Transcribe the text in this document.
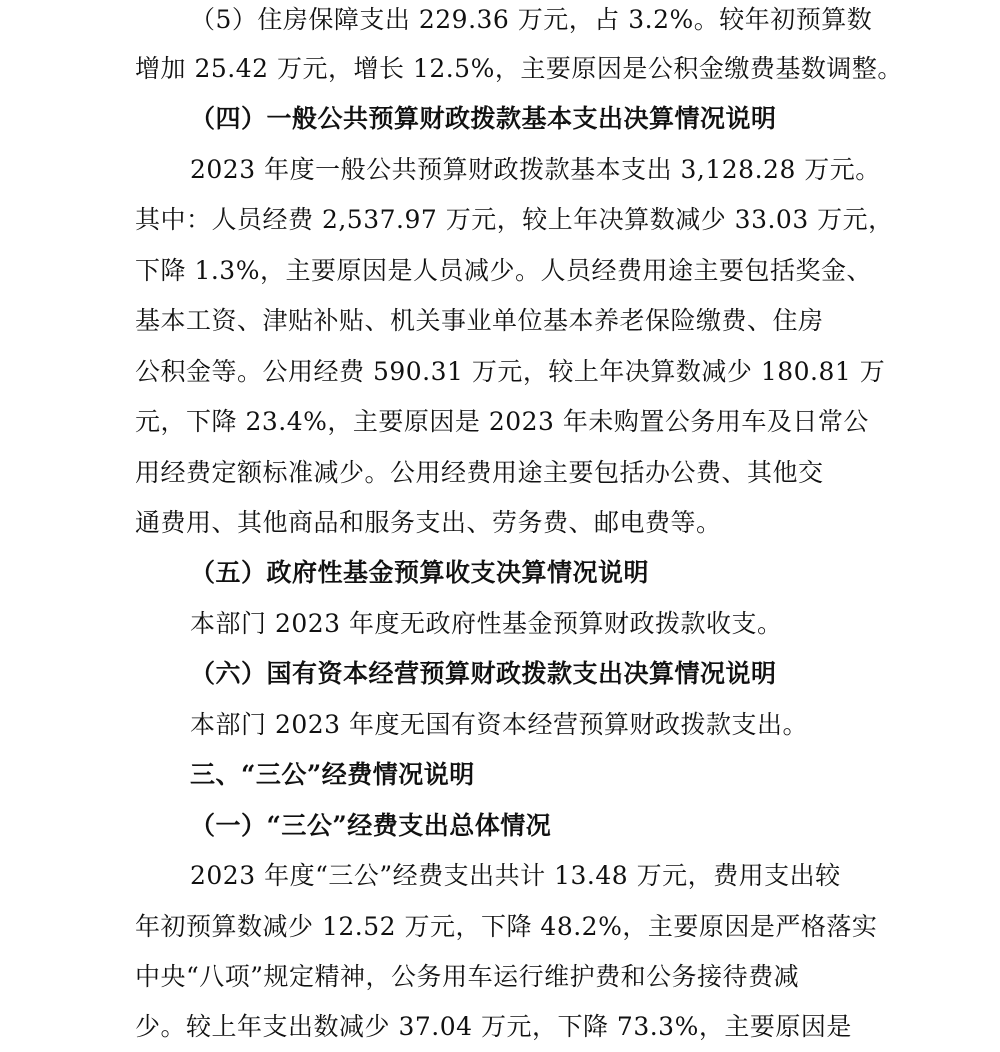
（5）住房保障支出 229.36 万元，占 3.2%。较年初预算数
增加 25.42 万元，增长 12.5%，主要原因是公积金缴费基数调整。
（四）一般公共预算财政拨款基本支出决算情况说明
2023 年度一般公共预算财政拨款基本支出 3,128.28 万元。
其中：人员经费 2,537.97 万元，较上年决算数减少 33.03 万元，
下降 1.3%，主要原因是人员减少。人员经费用途主要包括奖金、
基本工资、津贴补贴、机关事业单位基本养老保险缴费、住房
公积金等。公用经费 590.31 万元，较上年决算数减少 180.81 万
元，下降 23.4%，主要原因是 2023 年未购置公务用车及日常公
用经费定额标准减少。公用经费用途主要包括办公费、其他交
通费用、其他商品和服务支出、劳务费、邮电费等。
（五）政府性基金预算收支决算情况说明
本部门 2023 年度无政府性基金预算财政拨款收支。
（六）国有资本经营预算财政拨款支出决算情况说明
本部门 2023 年度无国有资本经营预算财政拨款支出。
三、“三公”经费情况说明
（一）“三公”经费支出总体情况
2023 年度“三公”经费支出共计 13.48 万元，费用支出较
年初预算数减少 12.52 万元，下降 48.2%，主要原因是严格落实
中央“八项”规定精神，公务用车运行维护费和公务接待费减
少。较上年支出数减少 37.04 万元，下降 73.3%，主要原因是
